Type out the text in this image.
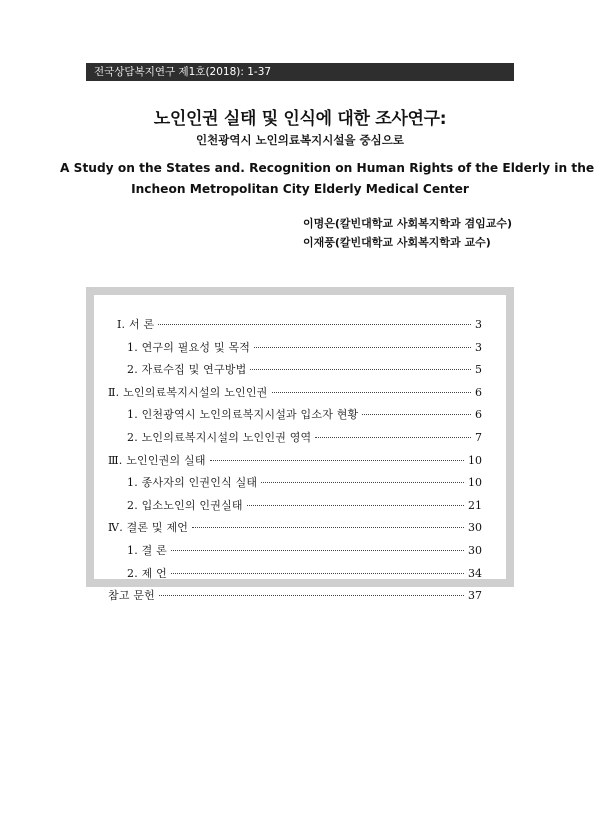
전국상담복지연구 제1호(2018): 1-37

노인인권 실태 및 인식에 대한 조사연구:

인천광역시 노인의료복지시설을 중심으로

A Study on the States and. Recognition on Human Rights of the Elderly in the

Incheon Metropolitan City Elderly Medical Center

이명은(칼빈대학교 사회복지학과 겸임교수)
이재풍(칼빈대학교 사회복지학과 교수)
Ⅰ. 서 론	3
1. 연구의 필요성 및 목적	3
2. 자료수집 및 연구방법	5
Ⅱ. 노인의료복지시설의 노인인권	6
1. 인천광역시 노인의료복지시설과 입소자 현황	6
2. 노인의료복지시설의 노인인권 영역	7
Ⅲ. 노인인권의 실태	10
1. 종사자의 인권인식 실태	10
2. 입소노인의 인권실태	21
Ⅳ. 결론 및 제언	30
1. 결 론	30
2. 제 언	34
참고 문헌	37
